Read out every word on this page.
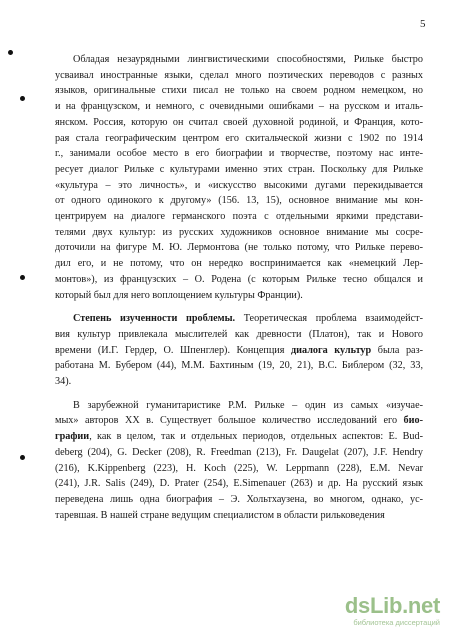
5
Обладая незаурядными лингвистическими способностями, Рильке быстро
усваивал иностранные языки, сделал много поэтических переводов с разных
языков, оригинальные стихи писал не только на своем родном немецком, но
и на французском, и немного, с очевидными ошибками – на русском и италь-
янском. Россия, которую он считал своей духовной родиной, и Франция, кото-
рая стала географическим центром его скитальческой жизни с 1902 по 1914
г., занимали особое место в его биографии и творчестве, поэтому нас инте-
ресует диалог Рильке с культурами именно этих стран. Поскольку для Рильке
«культура – это личность», и «искусство высокими дугами перекидывается
от одного одинокого к другому» (156. 13, 15), основное внимание мы кон-
центрируем на диалоге германского поэта с отдельными яркими представи-
телями двух культур: из русских художников основное внимание мы сосре-
доточили на фигуре М. Ю. Лермонтова (не только потому, что Рильке перево-
дил его, и не потому, что он нередко воспринимается как «немецкий Лер-
монтов»), из французских – О. Родена (с которым Рильке тесно общался и
который был для него воплощением культуры Франции).
Степень изученности проблемы. Теоретическая проблема взаимодейст-
вия культур привлекала мыслителей как древности (Платон), так и Нового
времени (И.Г. Гердер, О. Шпенглер). Концепция диалога культур была раз-
работана М. Бубером (44), М.М. Бахтиным (19, 20, 21), В.С. Библером (32, 33,
34).
В зарубежной гуманитаристике Р.М. Рильке – один из самых «изучае-
мых» авторов XX в. Существует большое количество исследований его био-
графии, как в целом, так и отдельных периодов, отдельных аспектов: E. Bud-
deberg (204), G. Decker (208), R. Freedman (213), Fr. Daugelat (207), J.F. Hendry
(216), K.Kippenberg (223), H. Koch (225), W. Leppmann (228), E.M. Nevar
(241), J.R. Salis (249), D. Prater (254), E.Simenauer (263) и др. На русский язык
переведена лишь одна биография – Э. Хольтхаузена, во многом, однако, ус-
таревшая. В нашей стране ведущим специалистом в области рильковедения
dsLib.net
библиотека диссертаций
